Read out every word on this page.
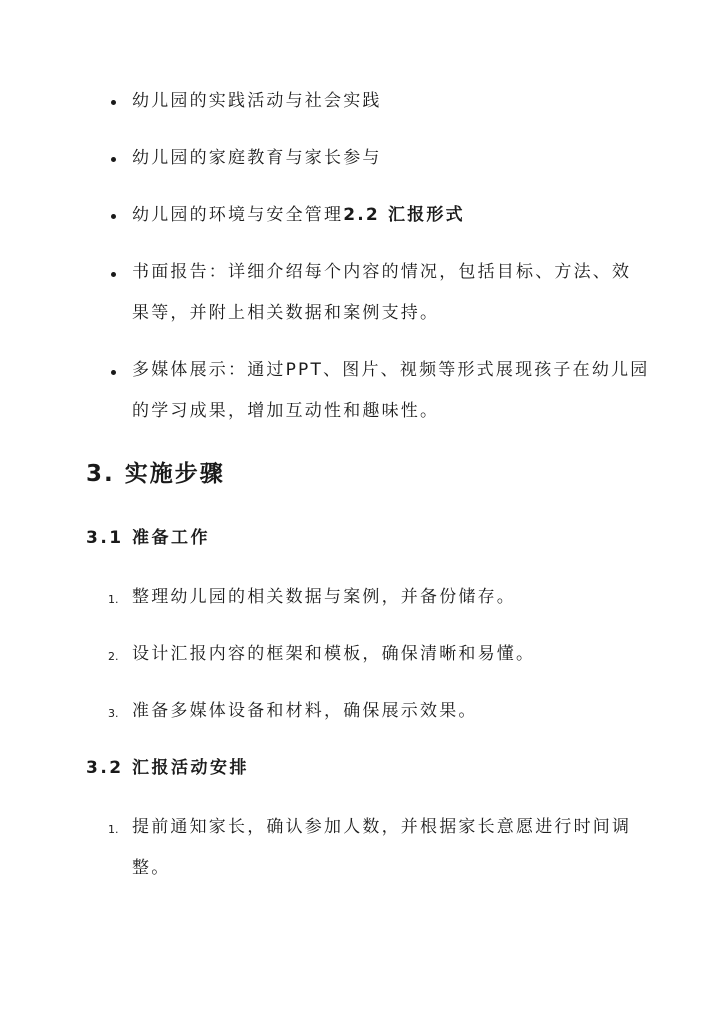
幼儿园的实践活动与社会实践
幼儿园的家庭教育与家长参与
幼儿园的环境与安全管理2.2 汇报形式
书面报告：详细介绍每个内容的情况，包括目标、方法、效
果等，并附上相关数据和案例支持。
多媒体展示：通过PPT、图片、视频等形式展现孩子在幼儿园
的学习成果，增加互动性和趣味性。
3. 实施步骤
3.1 准备工作
1. 整理幼儿园的相关数据与案例，并备份储存。
2. 设计汇报内容的框架和模板，确保清晰和易懂。
3. 准备多媒体设备和材料，确保展示效果。
3.2 汇报活动安排
1. 提前通知家长，确认参加人数，并根据家长意愿进行时间调
整。
